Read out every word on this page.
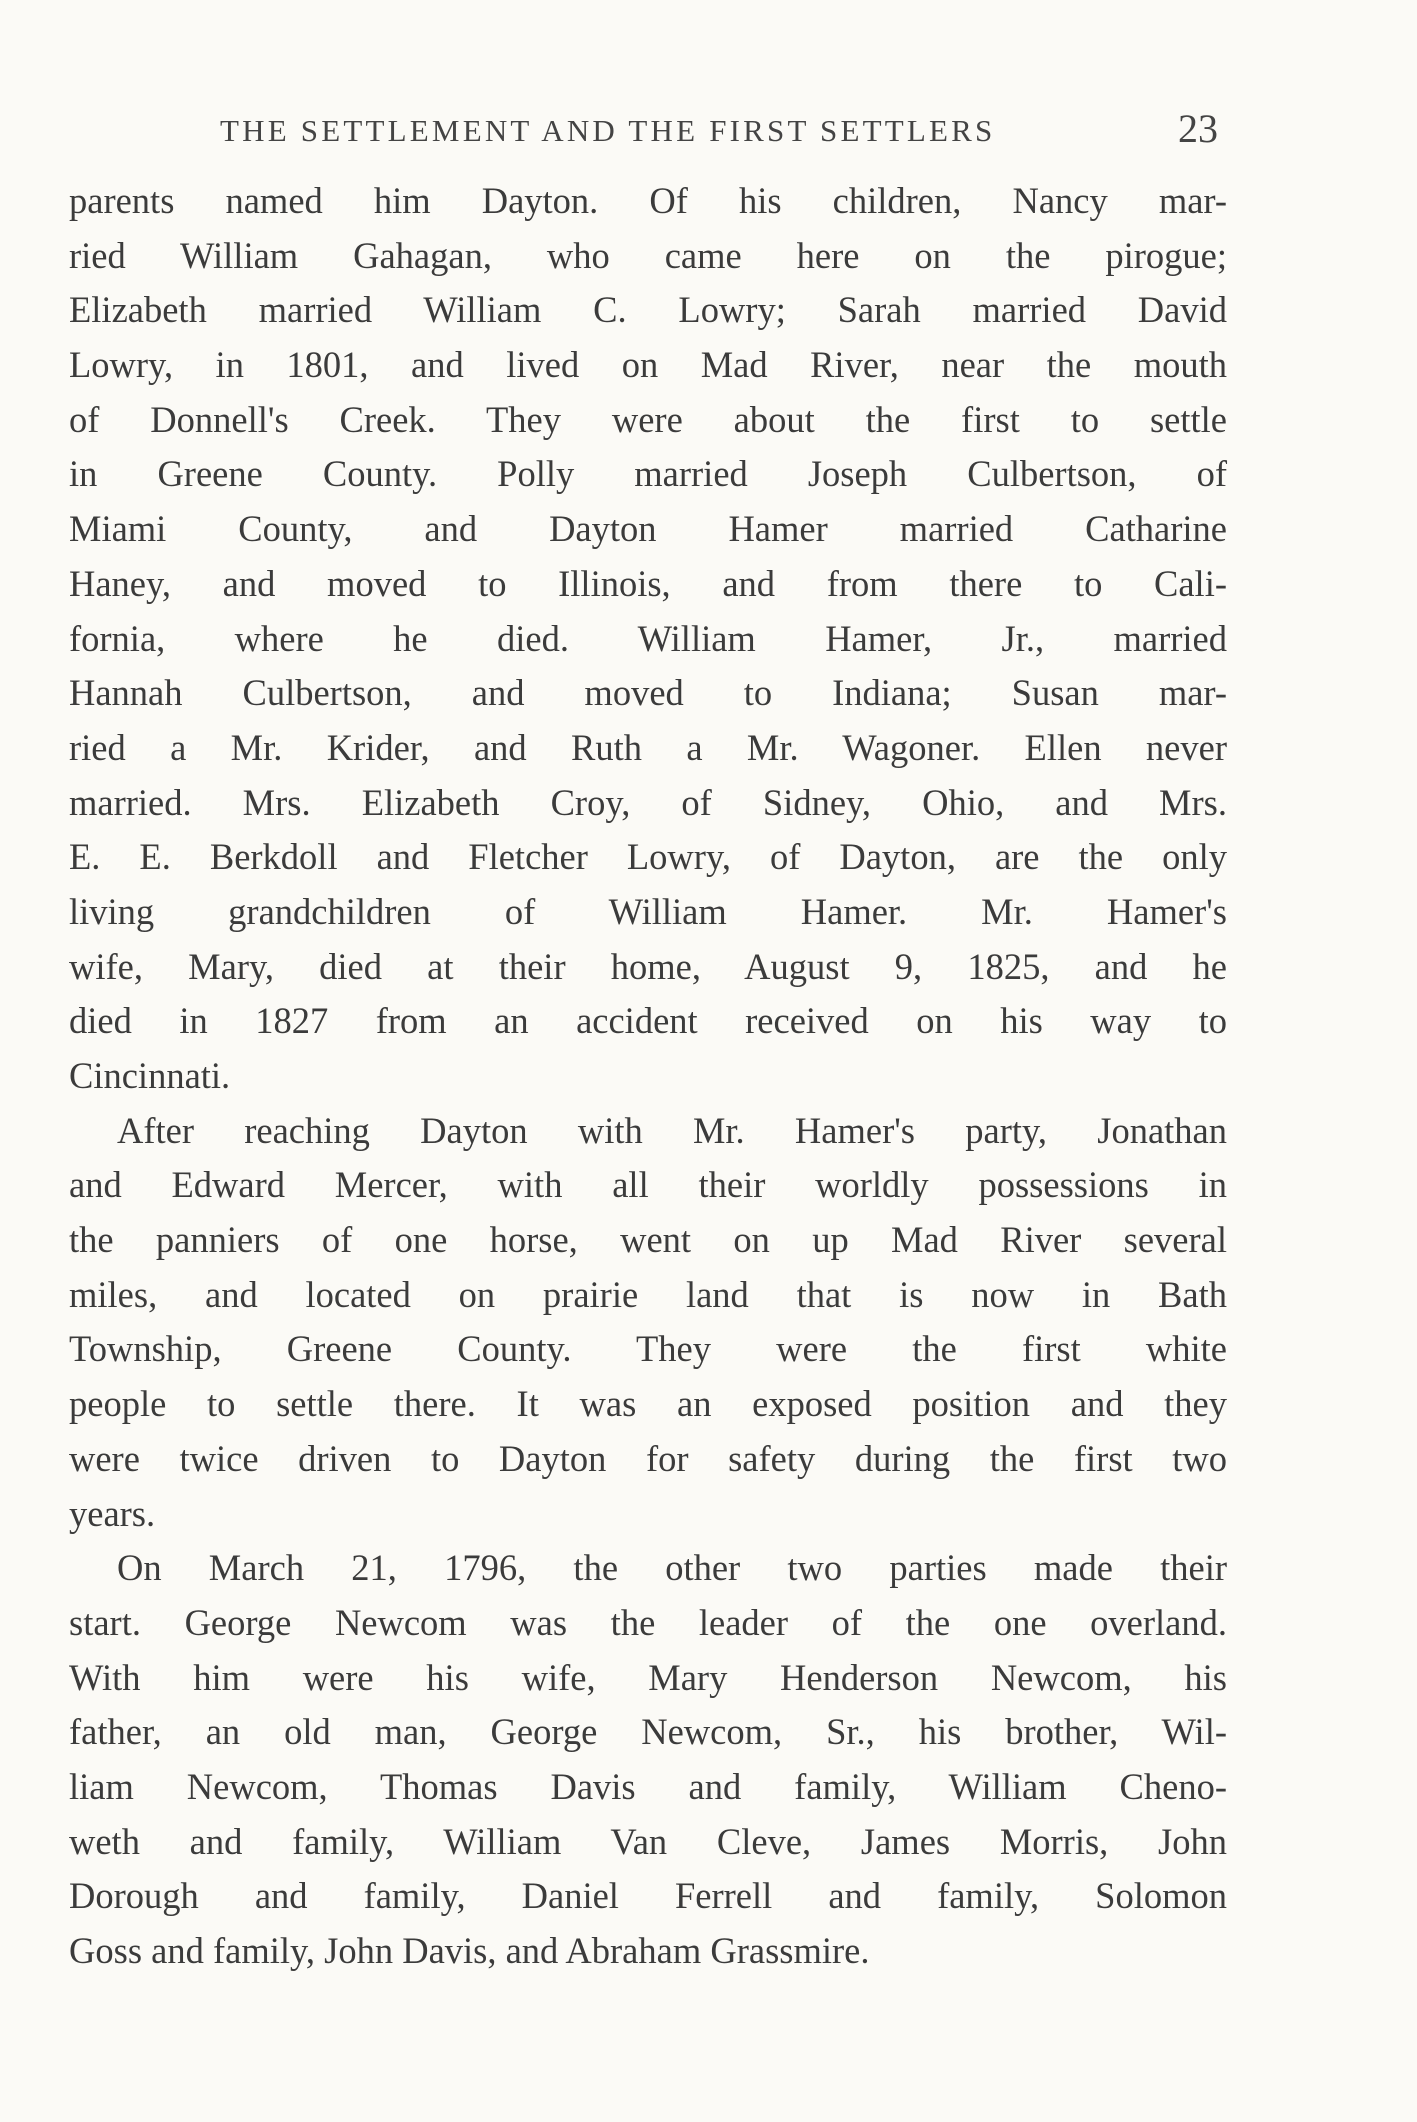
THE SETTLEMENT AND THE FIRST SETTLERS	23
parents named him Dayton. Of his children, Nancy mar-
ried William Gahagan, who came here on the pirogue;
Elizabeth married William C. Lowry; Sarah married David
Lowry, in 1801, and lived on Mad River, near the mouth
of Donnell's Creek. They were about the first to settle
in Greene County. Polly married Joseph Culbertson, of
Miami County, and Dayton Hamer married Catharine
Haney, and moved to Illinois, and from there to Cali-
fornia, where he died. William Hamer, Jr., married
Hannah Culbertson, and moved to Indiana; Susan mar-
ried a Mr. Krider, and Ruth a Mr. Wagoner. Ellen never
married. Mrs. Elizabeth Croy, of Sidney, Ohio, and Mrs.
E. E. Berkdoll and Fletcher Lowry, of Dayton, are the only
living grandchildren of William Hamer. Mr. Hamer's
wife, Mary, died at their home, August 9, 1825, and he
died in 1827 from an accident received on his way to
Cincinnati.
After reaching Dayton with Mr. Hamer's party, Jonathan
and Edward Mercer, with all their worldly possessions in
the panniers of one horse, went on up Mad River several
miles, and located on prairie land that is now in Bath
Township, Greene County. They were the first white
people to settle there. It was an exposed position and they
were twice driven to Dayton for safety during the first two
years.
On March 21, 1796, the other two parties made their
start. George Newcom was the leader of the one overland.
With him were his wife, Mary Henderson Newcom, his
father, an old man, George Newcom, Sr., his brother, Wil-
liam Newcom, Thomas Davis and family, William Cheno-
weth and family, William Van Cleve, James Morris, John
Dorough and family, Daniel Ferrell and family, Solomon
Goss and family, John Davis, and Abraham Grassmire.
